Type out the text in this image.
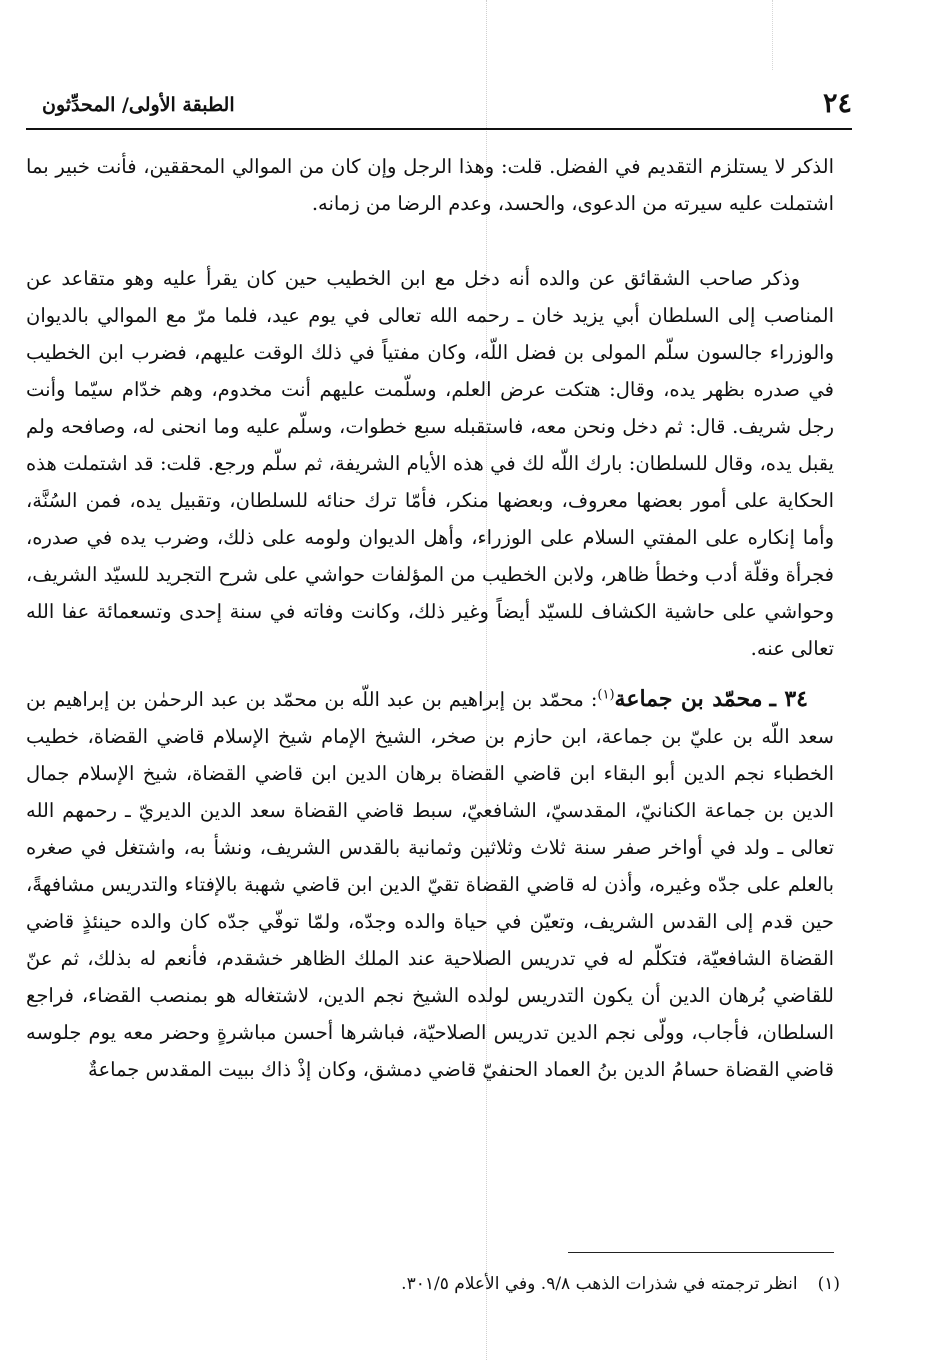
٢٤
الطبقة الأولى/ المحدِّثون

الذكر لا يستلزم التقديم في الفضل. قلت: وهذا الرجل وإن كان من الموالي المحققين، فأنت خبير بما اشتملت عليه سيرته من الدعوى، والحسد، وعدم الرضا من زمانه.

وذكر صاحب الشقائق عن والده أنه دخل مع ابن الخطيب حين كان يقرأ عليه وهو متقاعد عن المناصب إلى السلطان أبي يزيد خان ـ رحمه الله تعالى في يوم عيد، فلما مرّ مع الموالي بالديوان والوزراء جالسون سلّم المولى بن فضل اللّه، وكان مفتياً في ذلك الوقت عليهم، فضرب ابن الخطيب في صدره بظهر يده، وقال: هتكت عرض العلم، وسلّمت عليهم أنت مخدوم، وهم خدّام سيّما وأنت رجل شريف. قال: ثم دخل ونحن معه، فاستقبله سبع خطوات، وسلّم عليه وما انحنى له، وصافحه ولم يقبل يده، وقال للسلطان: بارك اللّه لك في هذه الأيام الشريفة، ثم سلّم ورجع. قلت: قد اشتملت هذه الحكاية على أمور بعضها معروف، وبعضها منكر، فأمّا ترك حنائه للسلطان، وتقبيل يده، فمن السُنَّة، وأما إنكاره على المفتي السلام على الوزراء، وأهل الديوان ولومه على ذلك، وضرب يده في صدره، فجرأة وقلّة أدب وخطأ ظاهر، ولابن الخطيب من المؤلفات حواشي على شرح التجريد للسيّد الشريف، وحواشي على حاشية الكشاف للسيّد أيضاً وغير ذلك، وكانت وفاته في سنة إحدى وتسعمائة عفا الله تعالى عنه.

٣٤ ـ محمّد بن جماعة$^{(١)}$: محمّد بن إبراهيم بن عبد اللّه بن محمّد بن عبد الرحمٰن بن إبراهيم بن سعد اللّه بن عليّ بن جماعة، ابن حازم بن صخر، الشيخ الإمام شيخ الإسلام قاضي القضاة، خطيب الخطباء نجم الدين أبو البقاء ابن قاضي القضاة برهان الدين ابن قاضي القضاة، شيخ الإسلام جمال الدين بن جماعة الكنانيّ، المقدسيّ، الشافعيّ، سبط قاضي القضاة سعد الدين الديريّ ـ رحمهم الله تعالى ـ ولد في أواخر صفر سنة ثلاث وثلاثين وثمانية بالقدس الشريف، ونشأ به، واشتغل في صغره بالعلم على جدّه وغيره، وأذن له قاضي القضاة تقيّ الدين ابن قاضي شهبة بالإفتاء والتدريس مشافهةً، حين قدم إلى القدس الشريف، وتعيّن في حياة والده وجدّه، ولمّا توفّي جدّه كان والده حينئذٍ قاضي القضاة الشافعيّة، فتكلّم له في تدريس الصلاحية عند الملك الظاهر خشقدم، فأنعم له بذلك، ثم عنّ للقاضي بُرهان الدين أن يكون التدريس لولده الشيخ نجم الدين، لاشتغاله هو بمنصب القضاء، فراجع السلطان، فأجاب، وولّى نجم الدين تدريس الصلاحيّة، فباشرها أحسن مباشرةٍ وحضر معه يوم جلوسه قاضي القضاة حسامُ الدين بنُ العماد الحنفيّ قاضي دمشق، وكان إذْ ذاك ببيت المقدس جماعةٌ

(١)انظر ترجمته في شذرات الذهب ٩/٨. وفي الأعلام ٣٠١/٥.
